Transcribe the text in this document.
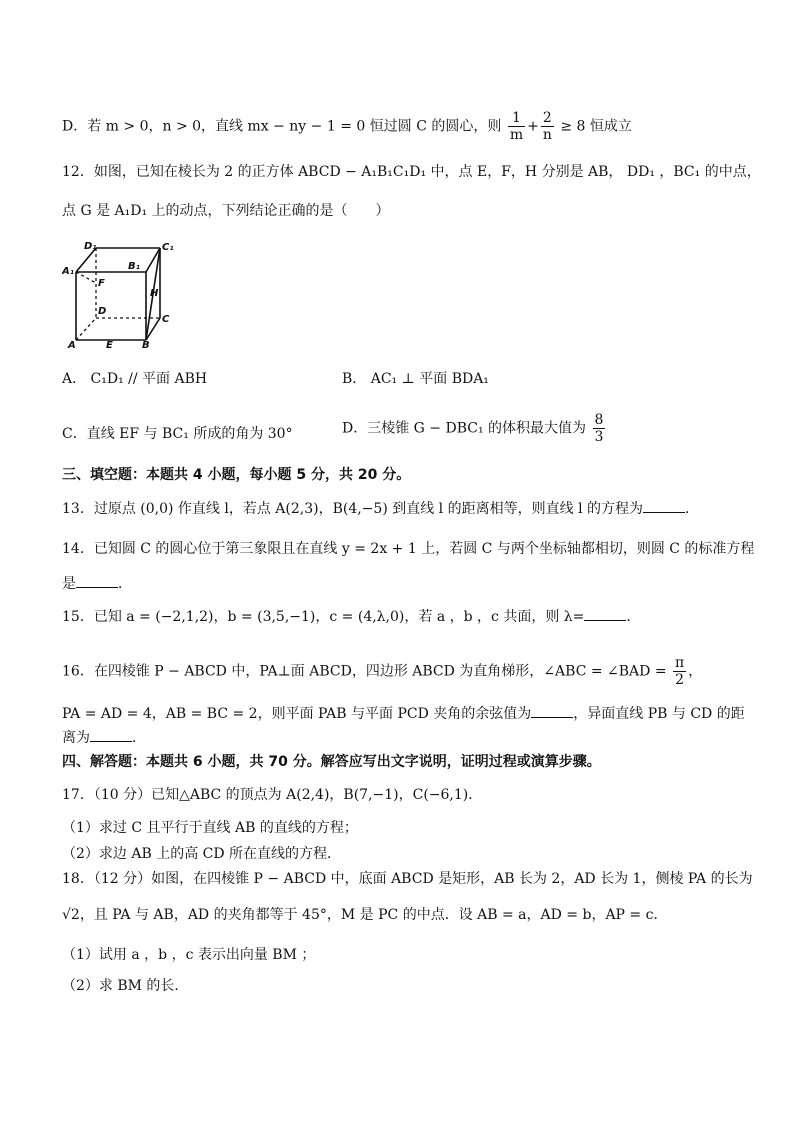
D．若 m > 0，n > 0，直线 mx − ny − 1 = 0 恒过圆 C 的圆心，则 $\frac{1}{m} + \frac{2}{n} \ge 8$ 恒成立
12．如图，已知在棱长为 2 的正方体 ABCD − A₁B₁C₁D₁ 中，点 E，F，H 分别是 AB， DD₁ ，BC₁ 的中点，
点 G 是 A₁D₁ 上的动点，下列结论正确的是（　　）
D₁	C₁
A₁	B₁
F
H
D
C
A	E	B
A． C₁D₁ // 平面 ABH	B． AC₁ ⊥ 平面 BDA₁
C．直线 EF 与 BC₁ 所成的角为 30°	D．三棱锥 G − DBC₁ 的体积最大值为 $\frac{8}{3}$
三、填空题：本题共 4 小题，每小题 5 分，共 20 分。
13．过原点 (0,0) 作直线 l，若点 A(2,3)，B(4,−5) 到直线 l 的距离相等，则直线 l 的方程为	．
14．已知圆 C 的圆心位于第三象限且在直线 y = 2x + 1 上，若圆 C 与两个坐标轴都相切，则圆 C 的标准方程
是	．
15．已知 a = (−2,1,2)，b = (3,5,−1)，c = (4,λ,0)，若 a ，b ，c 共面，则 λ=	．
16．在四棱锥 P − ABCD 中，PA⊥面 ABCD，四边形 ABCD 为直角梯形，∠ABC = ∠BAD = $\frac{\pi}{2}$ ，
PA = AD = 4，AB = BC = 2，则平面 PAB 与平面 PCD 夹角的余弦值为	，异面直线 PB 与 CD 的距
离为	．
四、解答题：本题共 6 小题，共 70 分。解答应写出文字说明，证明过程或演算步骤。
17．（10 分）已知△ABC 的顶点为 A(2,4)，B(7,−1)，C(−6,1)．
（1）求过 C 且平行于直线 AB 的直线的方程；
（2）求边 AB 上的高 CD 所在直线的方程．
18．（12 分）如图，在四棱锥 P − ABCD 中，底面 ABCD 是矩形，AB 长为 2，AD 长为 1，侧棱 PA 的长为
√2，且 PA 与 AB，AD 的夹角都等于 45°，M 是 PC 的中点．设 AB = a，AD = b，AP = c．
（1）试用 a ，b ，c 表示出向量 BM ；
（2）求 BM 的长．
